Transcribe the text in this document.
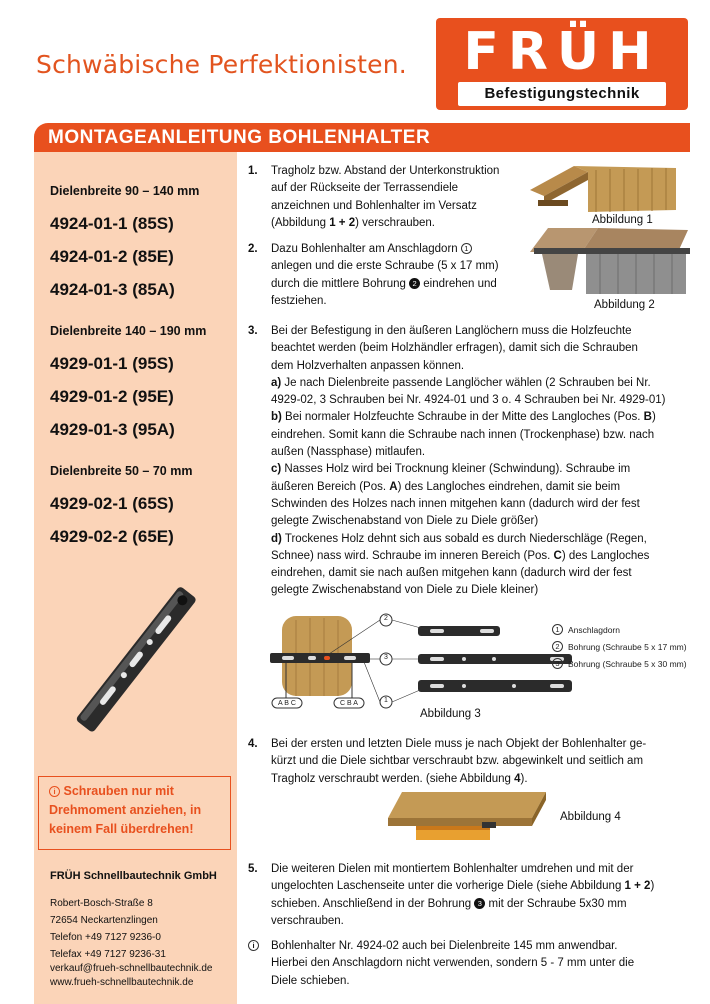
Schwäbische Perfektionisten.	FRÜH
Befestigungstechnik
MONTAGEANLEITUNG BOHLENHALTER
Dielenbreite 90 – 140 mm
4924-01-1 (85S)
4924-01-2 (85E)
4924-01-3 (85A)
Dielenbreite 140 – 190 mm
4929-01-1 (95S)
4929-01-2 (95E)
4929-01-3 (95A)
Dielenbreite 50 – 70 mm
4929-02-1 (65S)
4929-02-2 (65E)
i Schrauben nur mit
Drehmoment anziehen, in
keinem Fall überdrehen!
FRÜH Schnellbautechnik GmbH
Robert-Bosch-Straße 8
72654 Neckartenzlingen
Telefon +49 7127 9236-0
Telefax +49 7127 9236-31
verkauf@frueh-schnellbautechnik.de
www.frueh-schnellbautechnik.de
1. Tragholz bzw. Abstand der Unterkonstruktion
auf der Rückseite der Terrassendiele
anzeichnen und Bohlenhalter im Versatz
(Abbildung 1 + 2) verschrauben.	Abbildung 1
2. Dazu Bohlenhalter am Anschlagdorn 1
anlegen und die erste Schraube (5 x 17 mm)
durch die mittlere Bohrung 2 eindrehen und
festziehen.	Abbildung 2
3. Bei der Befestigung in den äußeren Langlöchern muss die Holzfeuchte
beachtet werden (beim Holzhändler erfragen), damit sich die Schrauben
dem Holzverhalten anpassen können.
a) Je nach Dielenbreite passende Langlöcher wählen (2 Schrauben bei Nr.
4929-02, 3 Schrauben bei Nr. 4924-01 und 3 o. 4 Schrauben bei Nr. 4929-01)
b) Bei normaler Holzfeuchte Schraube in der Mitte des Langloches (Pos. B)
eindrehen. Somit kann die Schraube nach innen (Trockenphase) bzw. nach
außen (Nassphase) mitlaufen.
c) Nasses Holz wird bei Trocknung kleiner (Schwindung). Schraube im
äußeren Bereich (Pos. A) des Langloches eindrehen, damit sie beim
Schwinden des Holzes nach innen mitgehen kann (dadurch wird der fest
gelegte Zwischenabstand von Diele zu Diele größer)
d) Trockenes Holz dehnt sich aus sobald es durch Niederschläge (Regen,
Schnee) nass wird. Schraube im inneren Bereich (Pos. C) des Langloches
eindrehen, damit sie nach außen mitgehen kann (dadurch wird der fest
gelegte Zwischenabstand von Diele zu Diele kleiner)
2
3
1
A B C	C B A
1 Anschlagdorn
2 Bohrung (Schraube 5 x 17 mm)
3 Bohrung (Schraube 5 x 30 mm)
Abbildung 3
4. Bei der ersten und letzten Diele muss je nach Objekt der Bohlenhalter ge-
kürzt und die Diele sichtbar verschraubt bzw. abgewinkelt und seitlich am
Tragholz verschraubt werden. (siehe Abbildung 4).
Abbildung 4
5. Die weiteren Dielen mit montiertem Bohlenhalter umdrehen und mit der
ungelochten Laschenseite unter die vorherige Diele (siehe Abbildung 1 + 2)
schieben. Anschließend in der Bohrung 3 mit der Schraube 5x30 mm
verschrauben.
i	Bohlenhalter Nr. 4924-02 auch bei Dielenbreite 145 mm anwendbar.
Hierbei den Anschlagdorn nicht verwenden, sondern 5 - 7 mm unter die
Diele schieben.
